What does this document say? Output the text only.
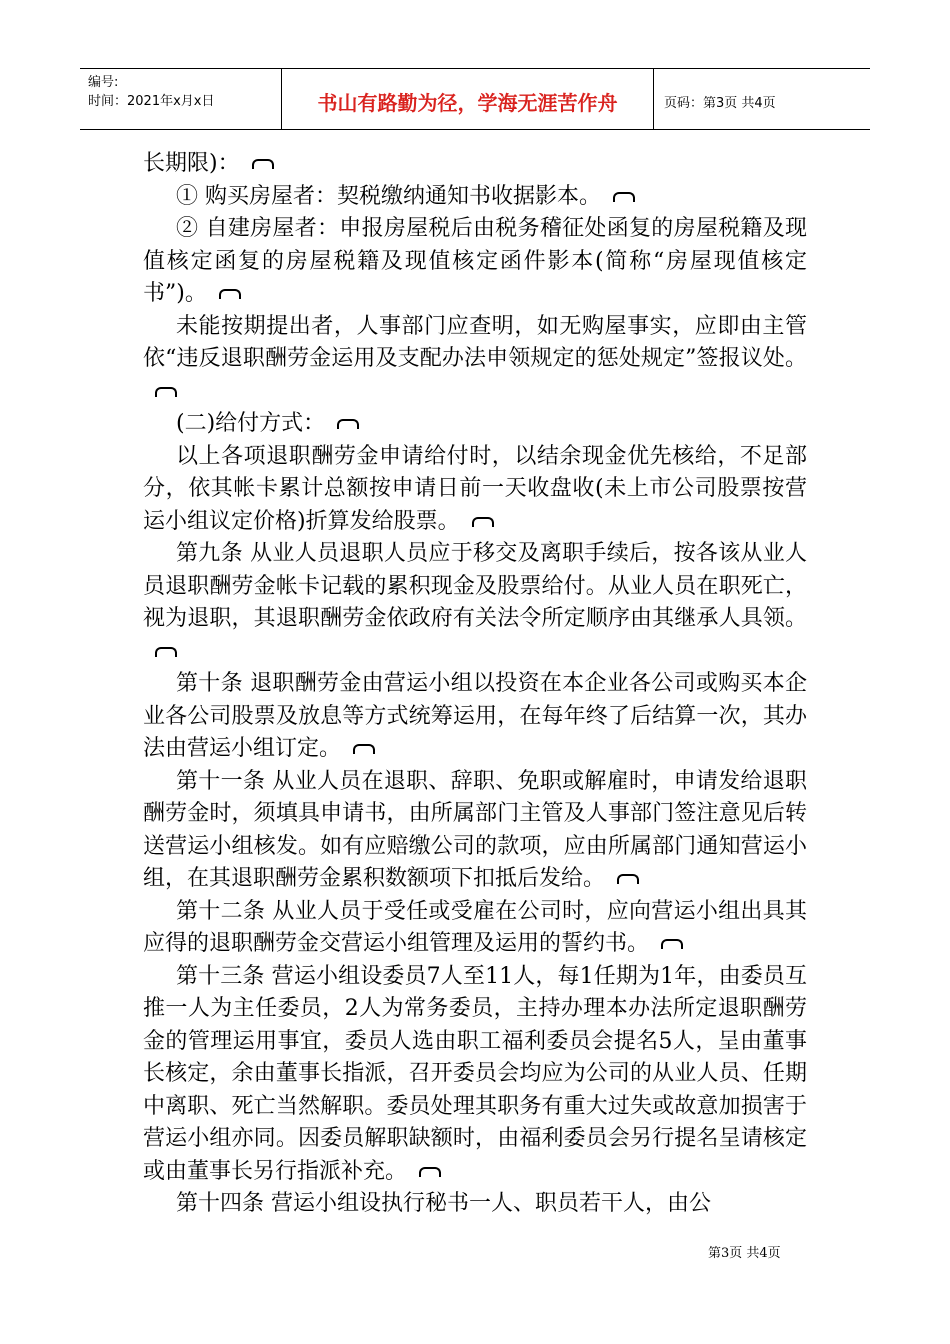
编号:
时间：2021年x月x日	书山有路勤为径，学海无涯苦作舟	页码：第3页 共4页

长期限)：

① 购买房屋者：契税缴纳通知书收据影本。

② 自建房屋者：申报房屋税后由税务稽征处函复的房屋税籍及现值核定函复的房屋税籍及现值核定函件影本(简称“房屋现值核定书”)。

未能按期提出者，人事部门应查明，如无购屋事实，应即由主管依“违反退职酬劳金运用及支配办法申领规定的惩处规定”签报议处。

(二)给付方式：

以上各项退职酬劳金申请给付时，以结余现金优先核给，不足部分，依其帐卡累计总额按申请日前一天收盘收(未上市公司股票按营运小组议定价格)折算发给股票。

第九条 从业人员退职人员应于移交及离职手续后，按各该从业人员退职酬劳金帐卡记载的累积现金及股票给付。从业人员在职死亡，视为退职，其退职酬劳金依政府有关法令所定顺序由其继承人具领。

第十条 退职酬劳金由营运小组以投资在本企业各公司或购买本企业各公司股票及放息等方式统筹运用，在每年终了后结算一次，其办法由营运小组订定。

第十一条 从业人员在退职、辞职、免职或解雇时，申请发给退职酬劳金时，须填具申请书，由所属部门主管及人事部门签注意见后转送营运小组核发。如有应赔缴公司的款项，应由所属部门通知营运小组，在其退职酬劳金累积数额项下扣抵后发给。

第十二条 从业人员于受任或受雇在公司时，应向营运小组出具其应得的退职酬劳金交营运小组管理及运用的誓约书。

第十三条 营运小组设委员7人至11人，每1任期为1年，由委员互推一人为主任委员，2人为常务委员，主持办理本办法所定退职酬劳金的管理运用事宜，委员人选由职工福利委员会提名5人，呈由董事长核定，余由董事长指派，召开委员会均应为公司的从业人员、任期中离职、死亡当然解职。委员处理其职务有重大过失或故意加损害于营运小组亦同。因委员解职缺额时，由福利委员会另行提名呈请核定或由董事长另行指派补充。

第十四条 营运小组设执行秘书一人、职员若干人，由公

第3页 共4页
